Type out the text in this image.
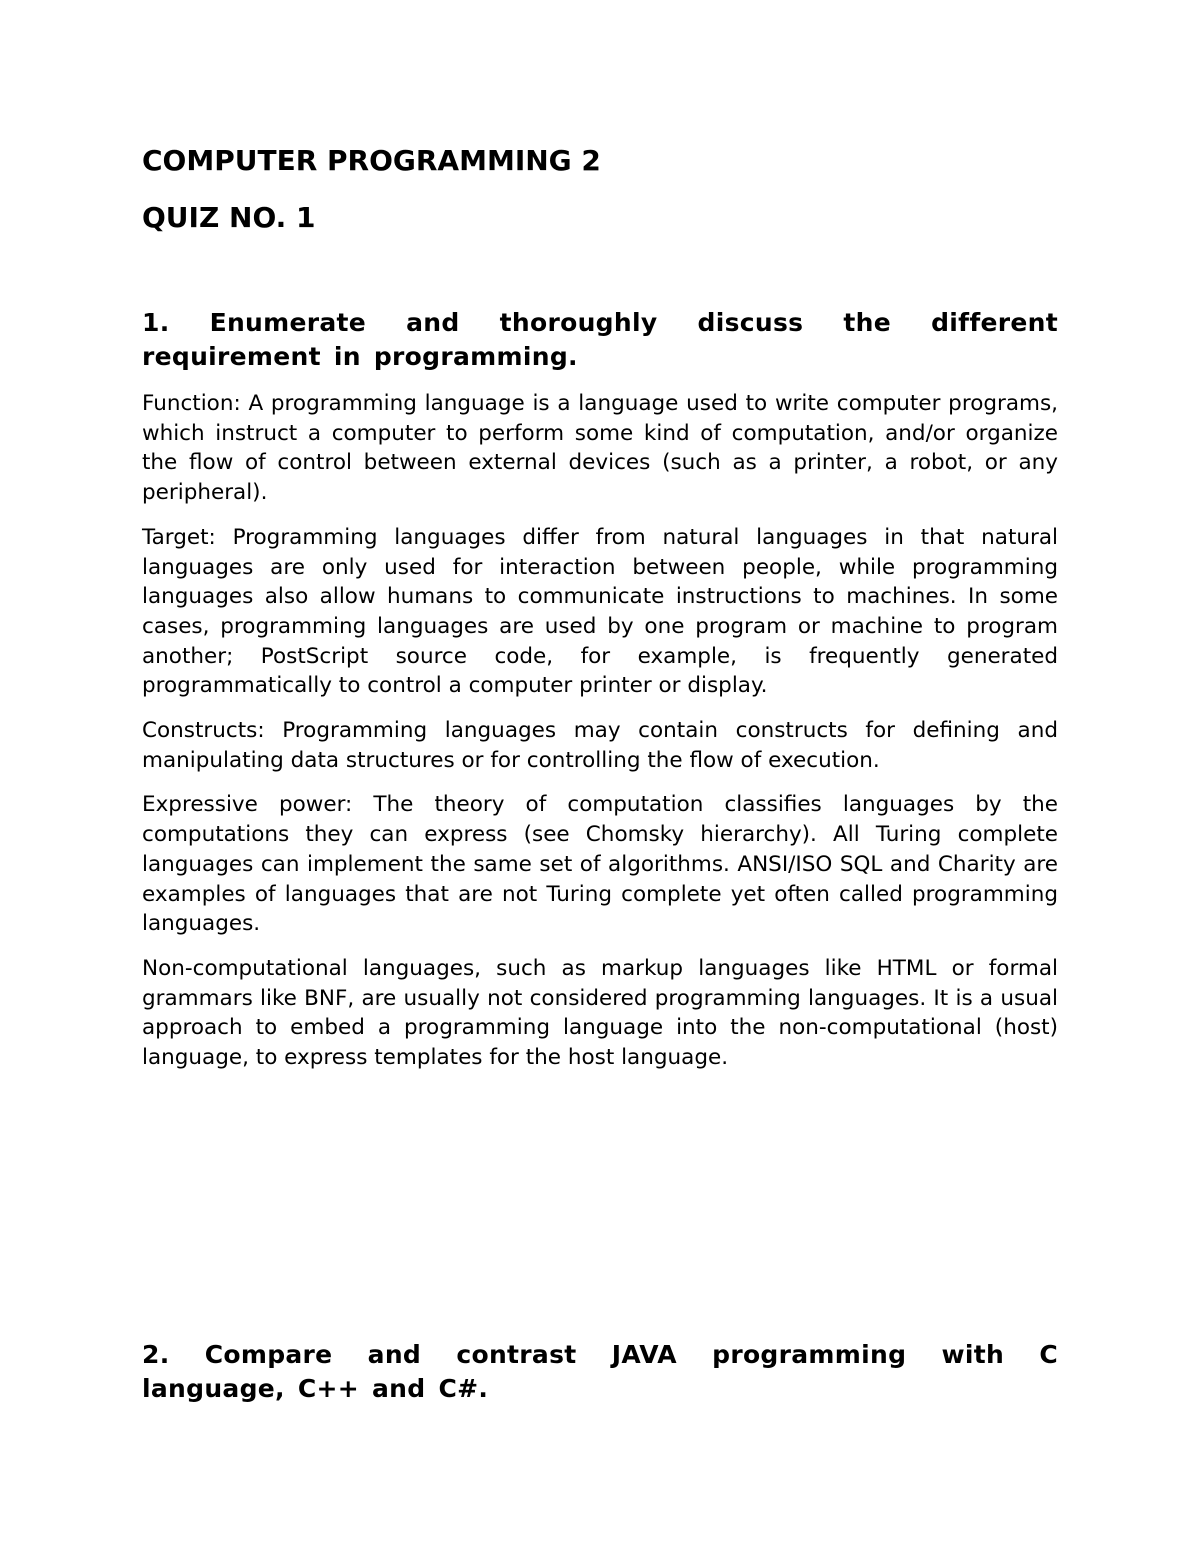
COMPUTER PROGRAMMING 2
QUIZ NO. 1

1. Enumerate and thoroughly discuss the different requirement in programming.

Function: A programming language is a language used to write computer programs, which instruct a computer to perform some kind of computation, and/or organize the flow of control between external devices (such as a printer, a robot, or any peripheral).

Target: Programming languages differ from natural languages in that natural languages are only used for interaction between people, while programming languages also allow humans to communicate instructions to machines. In some cases, programming languages are used by one program or machine to program another; PostScript source code, for example, is frequently generated programmatically to control a computer printer or display.

Constructs: Programming languages may contain constructs for defining and manipulating data structures or for controlling the flow of execution.

Expressive power: The theory of computation classifies languages by the computations they can express (see Chomsky hierarchy). All Turing complete languages can implement the same set of algorithms. ANSI/ISO SQL and Charity are examples of languages that are not Turing complete yet often called programming languages.

Non-computational languages, such as markup languages like HTML or formal grammars like BNF, are usually not considered programming languages. It is a usual approach to embed a programming language into the non-computational (host) language, to express templates for the host language.

2. Compare and contrast JAVA programming with C language, C++ and C#.
